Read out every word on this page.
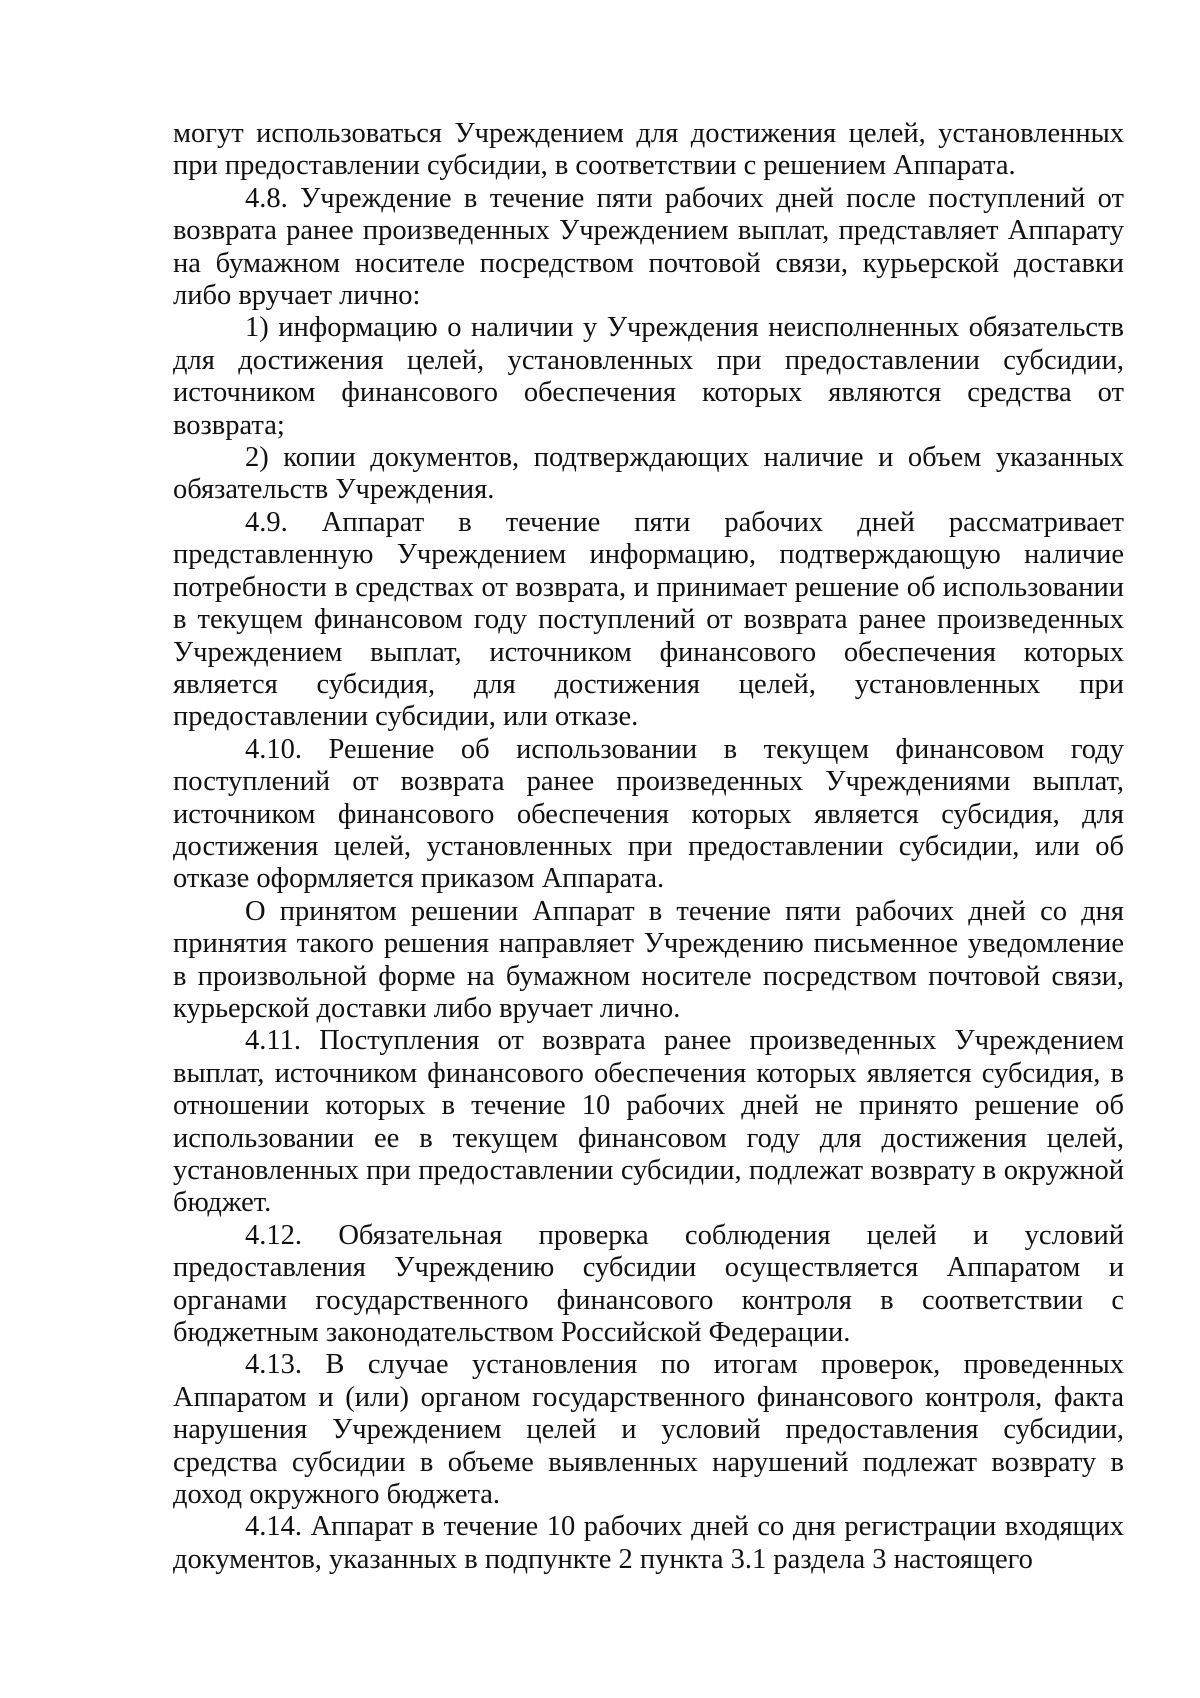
могут использоваться Учреждением для достижения целей, установленных при предоставлении субсидии, в соответствии с решением Аппарата.

4.8. Учреждение в течение пяти рабочих дней после поступлений от возврата ранее произведенных Учреждением выплат, представляет Аппарату на бумажном носителе посредством почтовой связи, курьерской доставки либо вручает лично:

1) информацию о наличии у Учреждения неисполненных обязательств для достижения целей, установленных при предоставлении субсидии, источником финансового обеспечения которых являются средства от возврата;

2) копии документов, подтверждающих наличие и объем указанных обязательств Учреждения.

4.9. Аппарат в течение пяти рабочих дней рассматривает представленную Учреждением информацию, подтверждающую наличие потребности в средствах от возврата, и принимает решение об использовании в текущем финансовом году поступлений от возврата ранее произведенных Учреждением выплат, источником финансового обеспечения которых является субсидия, для достижения целей, установленных при предоставлении субсидии, или отказе.

4.10. Решение об использовании в текущем финансовом году поступлений от возврата ранее произведенных Учреждениями выплат, источником финансового обеспечения которых является субсидия, для достижения целей, установленных при предоставлении субсидии, или об отказе оформляется приказом Аппарата.

О принятом решении Аппарат в течение пяти рабочих дней со дня принятия такого решения направляет Учреждению письменное уведомление в произвольной форме на бумажном носителе посредством почтовой связи, курьерской доставки либо вручает лично.

4.11. Поступления от возврата ранее произведенных Учреждением выплат, источником финансового обеспечения которых является субсидия, в отношении которых в течение 10 рабочих дней не принято решение об использовании ее в текущем финансовом году для достижения целей, установленных при предоставлении субсидии, подлежат возврату в окружной бюджет.

4.12. Обязательная проверка соблюдения целей и условий предоставления Учреждению субсидии осуществляется Аппаратом и органами государственного финансового контроля в соответствии с бюджетным законодательством Российской Федерации.

4.13. В случае установления по итогам проверок, проведенных Аппаратом и (или) органом государственного финансового контроля, факта нарушения Учреждением целей и условий предоставления субсидии, средства субсидии в объеме выявленных нарушений подлежат возврату в доход окружного бюджета.

4.14. Аппарат в течение 10 рабочих дней со дня регистрации входящих документов, указанных в подпункте 2 пункта 3.1 раздела 3 настоящего
